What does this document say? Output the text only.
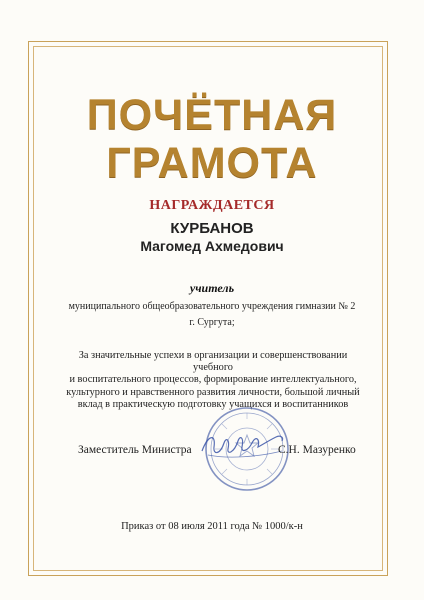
ПОЧЁТНАЯ
ГРАМОТА
НАГРАЖДАЕТСЯ
КУРБАНОВ
Магомед Ахмедович
учитель
муниципального общеобразовательного учреждения гимназии № 2
г. Сургута;
За значительные успехи в организации и совершенствовании учебного
и воспитательного процессов, формирование интеллектуального,
культурного и нравственного развития личности, большой личный
вклад в практическую подготовку учащихся и воспитанников
Заместитель Министра	С.Н. Мазуренко
Приказ от 08 июля 2011 года № 1000/к-н
